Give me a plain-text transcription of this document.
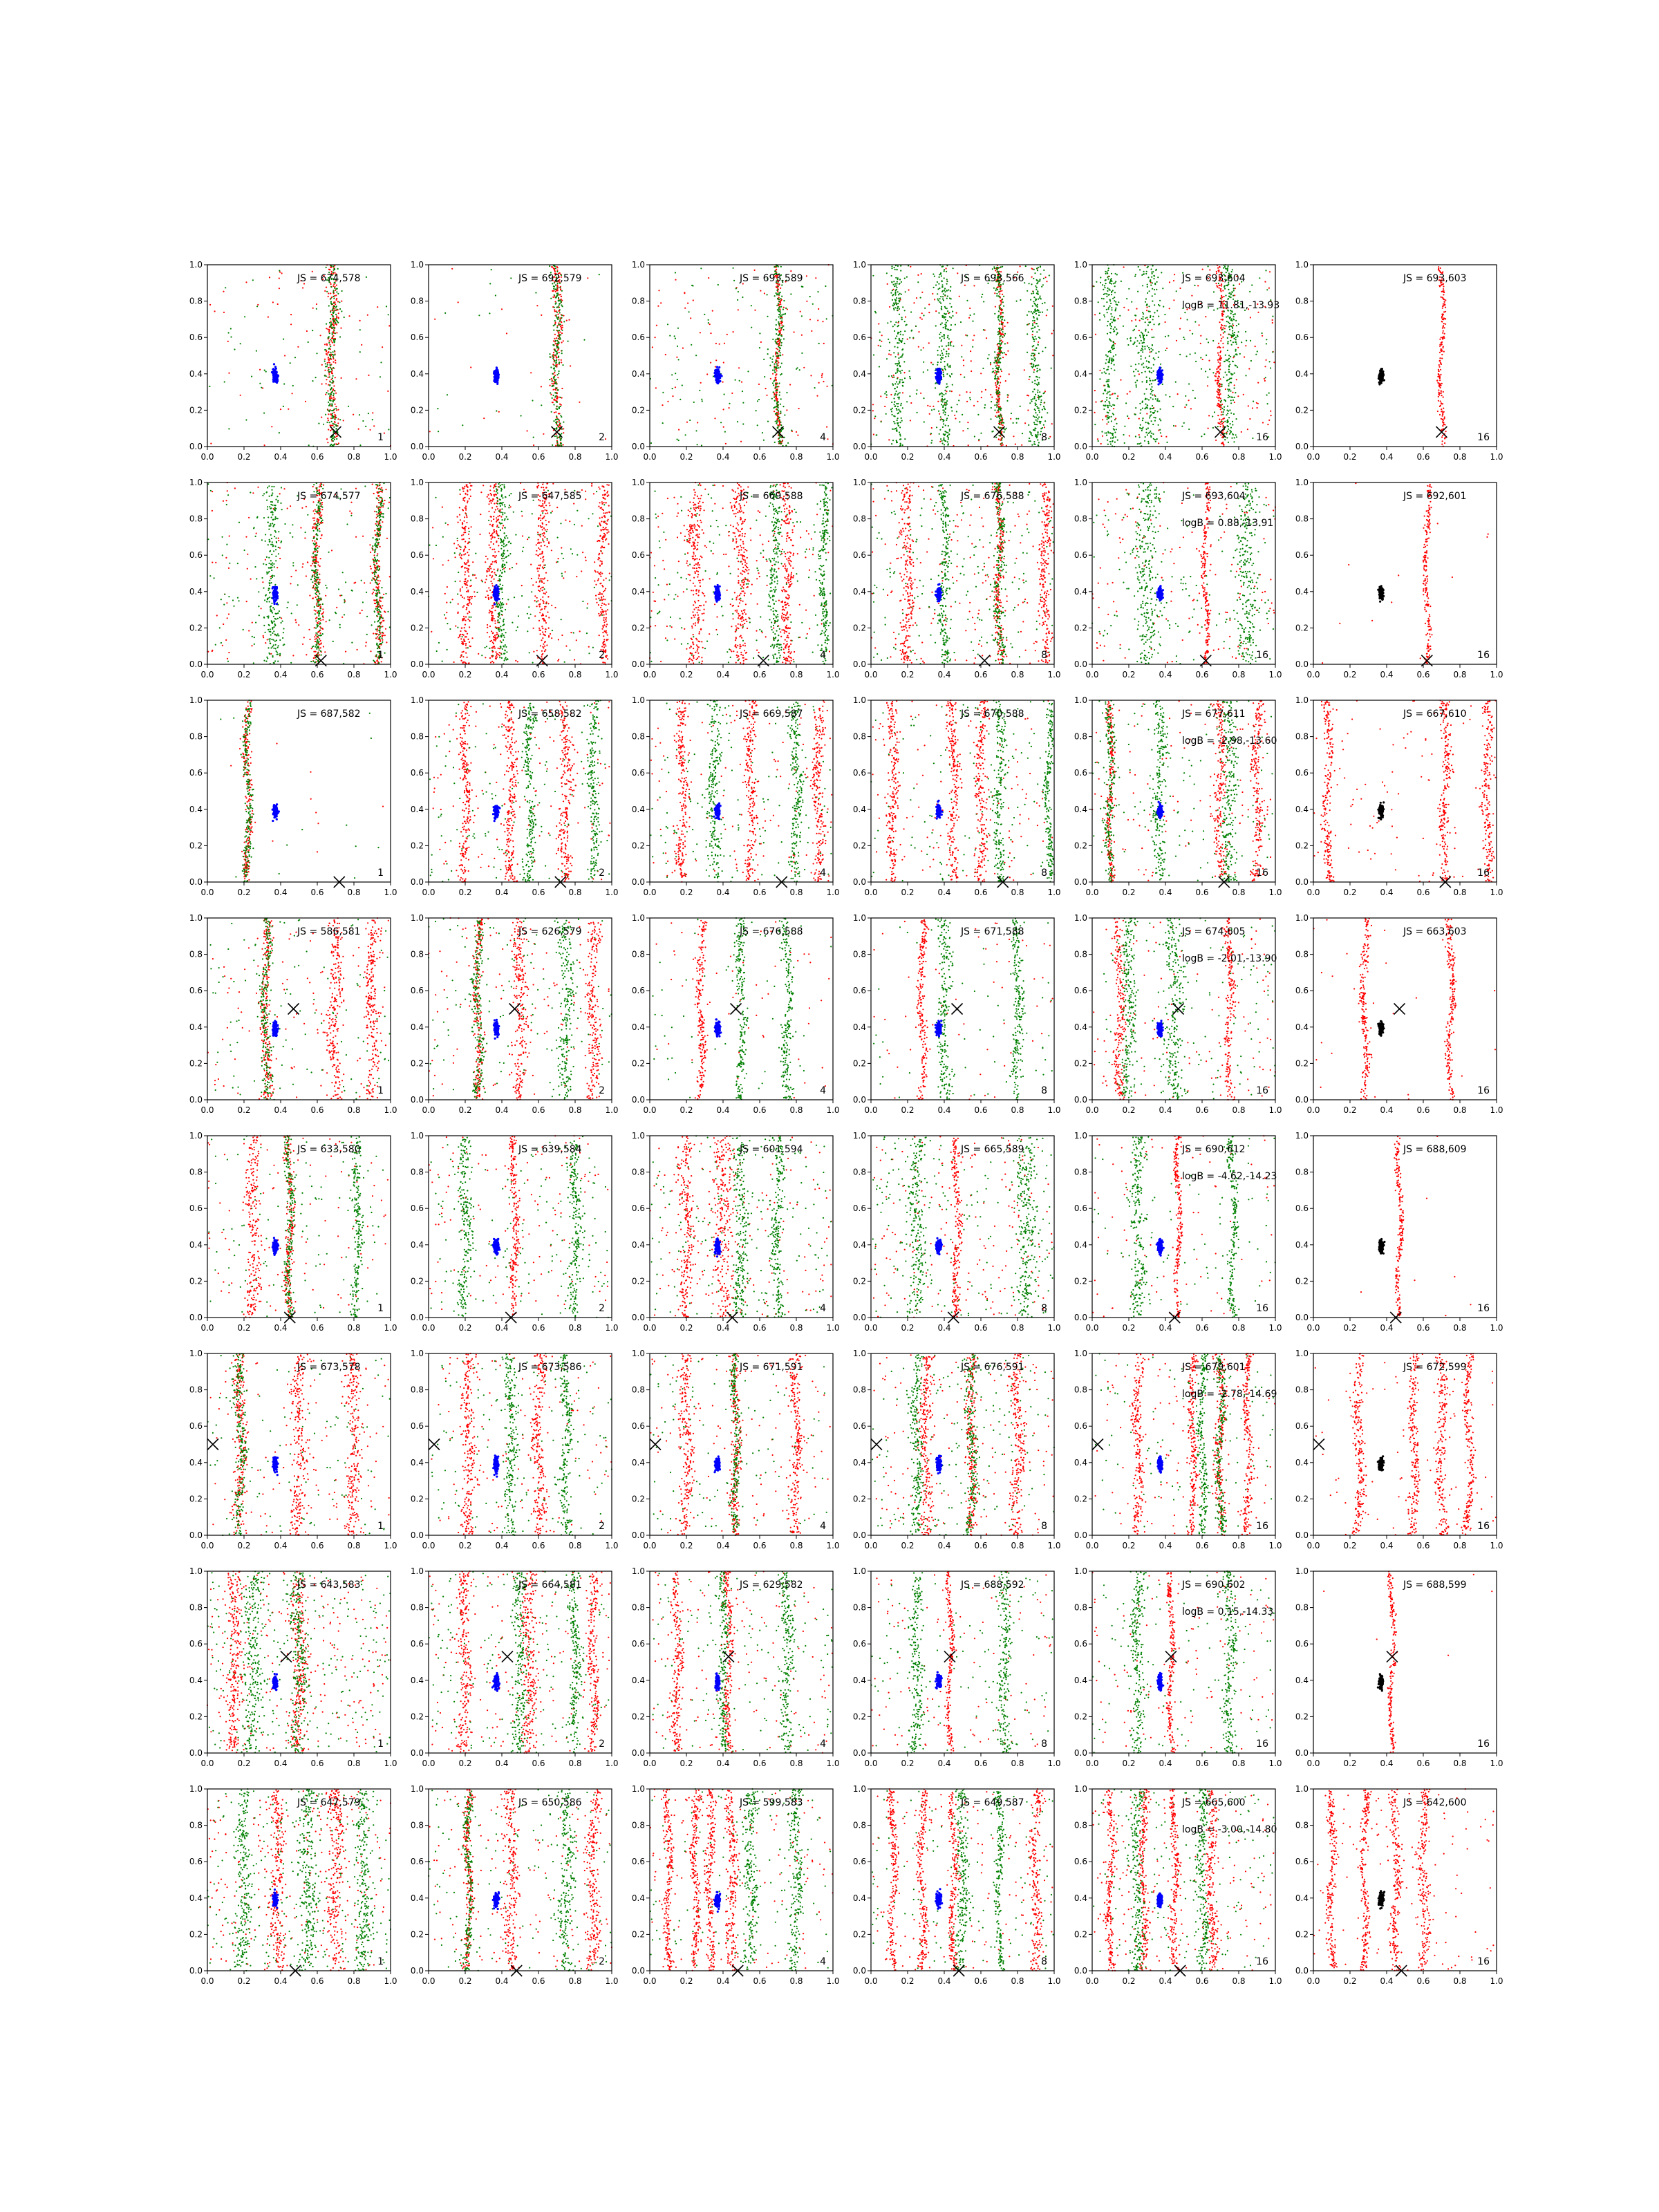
0.0	0.2	0.4	0.6	0.8	1.0
0.0
0.2
0.4
0.6
0.8
1.0
JS = 674,578
1
0.0	0.2	0.4	0.6	0.8	1.0
0.0
0.2
0.4
0.6
0.8
1.0
JS = 692,579
2
0.0	0.2	0.4	0.6	0.8	1.0
0.0
0.2
0.4
0.6
0.8
1.0
JS = 693,589
4
0.0	0.2	0.4	0.6	0.8	1.0
0.0
0.2
0.4
0.6
0.8
1.0
JS = 693,566
8
0.0	0.2	0.4	0.6	0.8	1.0
0.0
0.2
0.4
0.6
0.8
1.0
JS = 693,604
logB = 11.81,-13.93
16
0.0	0.2	0.4	0.6	0.8	1.0
0.0
0.2
0.4
0.6
0.8
1.0
JS = 693,603
16
0.0	0.2	0.4	0.6	0.8	1.0
0.0
0.2
0.4
0.6
0.8
1.0
JS = 674,577
1
0.0	0.2	0.4	0.6	0.8	1.0
0.0
0.2
0.4
0.6
0.8
1.0
JS = 647,585
2
0.0	0.2	0.4	0.6	0.8	1.0
0.0
0.2
0.4
0.6
0.8
1.0
JS = 669,588
4
0.0	0.2	0.4	0.6	0.8	1.0
0.0
0.2
0.4
0.6
0.8
1.0
JS = 676,588
8
0.0	0.2	0.4	0.6	0.8	1.0
0.0
0.2
0.4
0.6
0.8
1.0
JS = 693,604
logB = 0.88,-13.91
16
0.0	0.2	0.4	0.6	0.8	1.0
0.0
0.2
0.4
0.6
0.8
1.0
JS = 692,601
16
0.0	0.2	0.4	0.6	0.8	1.0
0.0
0.2
0.4
0.6
0.8
1.0
JS = 687,582
1
0.0	0.2	0.4	0.6	0.8	1.0
0.0
0.2
0.4
0.6
0.8
1.0
JS = 658,582
2
0.0	0.2	0.4	0.6	0.8	1.0
0.0
0.2
0.4
0.6
0.8
1.0
JS = 669,587
4
0.0	0.2	0.4	0.6	0.8	1.0
0.0
0.2
0.4
0.6
0.8
1.0
JS = 670,588
8
0.0	0.2	0.4	0.6	0.8	1.0
0.0
0.2
0.4
0.6
0.8
1.0
JS = 677,611
logB = -2.98,-13.60
16
0.0	0.2	0.4	0.6	0.8	1.0
0.0
0.2
0.4
0.6
0.8
1.0
JS = 667,610
16
0.0	0.2	0.4	0.6	0.8	1.0
0.0
0.2
0.4
0.6
0.8
1.0
JS = 586,581
1
0.0	0.2	0.4	0.6	0.8	1.0
0.0
0.2
0.4
0.6
0.8
1.0
JS = 626,579
2
0.0	0.2	0.4	0.6	0.8	1.0
0.0
0.2
0.4
0.6
0.8
1.0
JS = 676,588
4
0.0	0.2	0.4	0.6	0.8	1.0
0.0
0.2
0.4
0.6
0.8
1.0
JS = 671,588
8
0.0	0.2	0.4	0.6	0.8	1.0
0.0
0.2
0.4
0.6
0.8
1.0
JS = 674,605
logB = -2.01,-13.90
16
0.0	0.2	0.4	0.6	0.8	1.0
0.0
0.2
0.4
0.6
0.8
1.0
JS = 663,603
16
0.0	0.2	0.4	0.6	0.8	1.0
0.0
0.2
0.4
0.6
0.8
1.0
JS = 633,580
1
0.0	0.2	0.4	0.6	0.8	1.0
0.0
0.2
0.4
0.6
0.8
1.0
JS = 639,584
2
0.0	0.2	0.4	0.6	0.8	1.0
0.0
0.2
0.4
0.6
0.8
1.0
JS = 601,594
4
0.0	0.2	0.4	0.6	0.8	1.0
0.0
0.2
0.4
0.6
0.8
1.0
JS = 665,589
8
0.0	0.2	0.4	0.6	0.8	1.0
0.0
0.2
0.4
0.6
0.8
1.0
JS = 690,612
logB = -4.62,-14.23
16
0.0	0.2	0.4	0.6	0.8	1.0
0.0
0.2
0.4
0.6
0.8
1.0
JS = 688,609
16
0.0	0.2	0.4	0.6	0.8	1.0
0.0
0.2
0.4
0.6
0.8
1.0
JS = 673,578
1
0.0	0.2	0.4	0.6	0.8	1.0
0.0
0.2
0.4
0.6
0.8
1.0
JS = 673,586
2
0.0	0.2	0.4	0.6	0.8	1.0
0.0
0.2
0.4
0.6
0.8
1.0
JS = 671,591
4
0.0	0.2	0.4	0.6	0.8	1.0
0.0
0.2
0.4
0.6
0.8
1.0
JS = 676,591
8
0.0	0.2	0.4	0.6	0.8	1.0
0.0
0.2
0.4
0.6
0.8
1.0
JS = 679,601
logB = -2.78,-14.69
16
0.0	0.2	0.4	0.6	0.8	1.0
0.0
0.2
0.4
0.6
0.8
1.0
JS = 672,599
16
0.0	0.2	0.4	0.6	0.8	1.0
0.0
0.2
0.4
0.6
0.8
1.0
JS = 643,583
1
0.0	0.2	0.4	0.6	0.8	1.0
0.0
0.2
0.4
0.6
0.8
1.0
JS = 664,581
2
0.0	0.2	0.4	0.6	0.8	1.0
0.0
0.2
0.4
0.6
0.8
1.0
JS = 629,582
4
0.0	0.2	0.4	0.6	0.8	1.0
0.0
0.2
0.4
0.6
0.8
1.0
JS = 688,592
8
0.0	0.2	0.4	0.6	0.8	1.0
0.0
0.2
0.4
0.6
0.8
1.0
JS = 690,602
logB = 0.15,-14.33
16
0.0	0.2	0.4	0.6	0.8	1.0
0.0
0.2
0.4
0.6
0.8
1.0
JS = 688,599
16
0.0	0.2	0.4	0.6	0.8	1.0
0.0
0.2
0.4
0.6
0.8
1.0
JS = 647,579
1
0.0	0.2	0.4	0.6	0.8	1.0
0.0
0.2
0.4
0.6
0.8
1.0
JS = 650,586
2
0.0	0.2	0.4	0.6	0.8	1.0
0.0
0.2
0.4
0.6
0.8
1.0
JS = 599,583
4
0.0	0.2	0.4	0.6	0.8	1.0
0.0
0.2
0.4
0.6
0.8
1.0
JS = 649,587
8
0.0	0.2	0.4	0.6	0.8	1.0
0.0
0.2
0.4
0.6
0.8
1.0
JS = 665,600
logB = -3.00,-14.80
16
0.0	0.2	0.4	0.6	0.8	1.0
0.0
0.2
0.4
0.6
0.8
1.0
JS = 642,600
16
